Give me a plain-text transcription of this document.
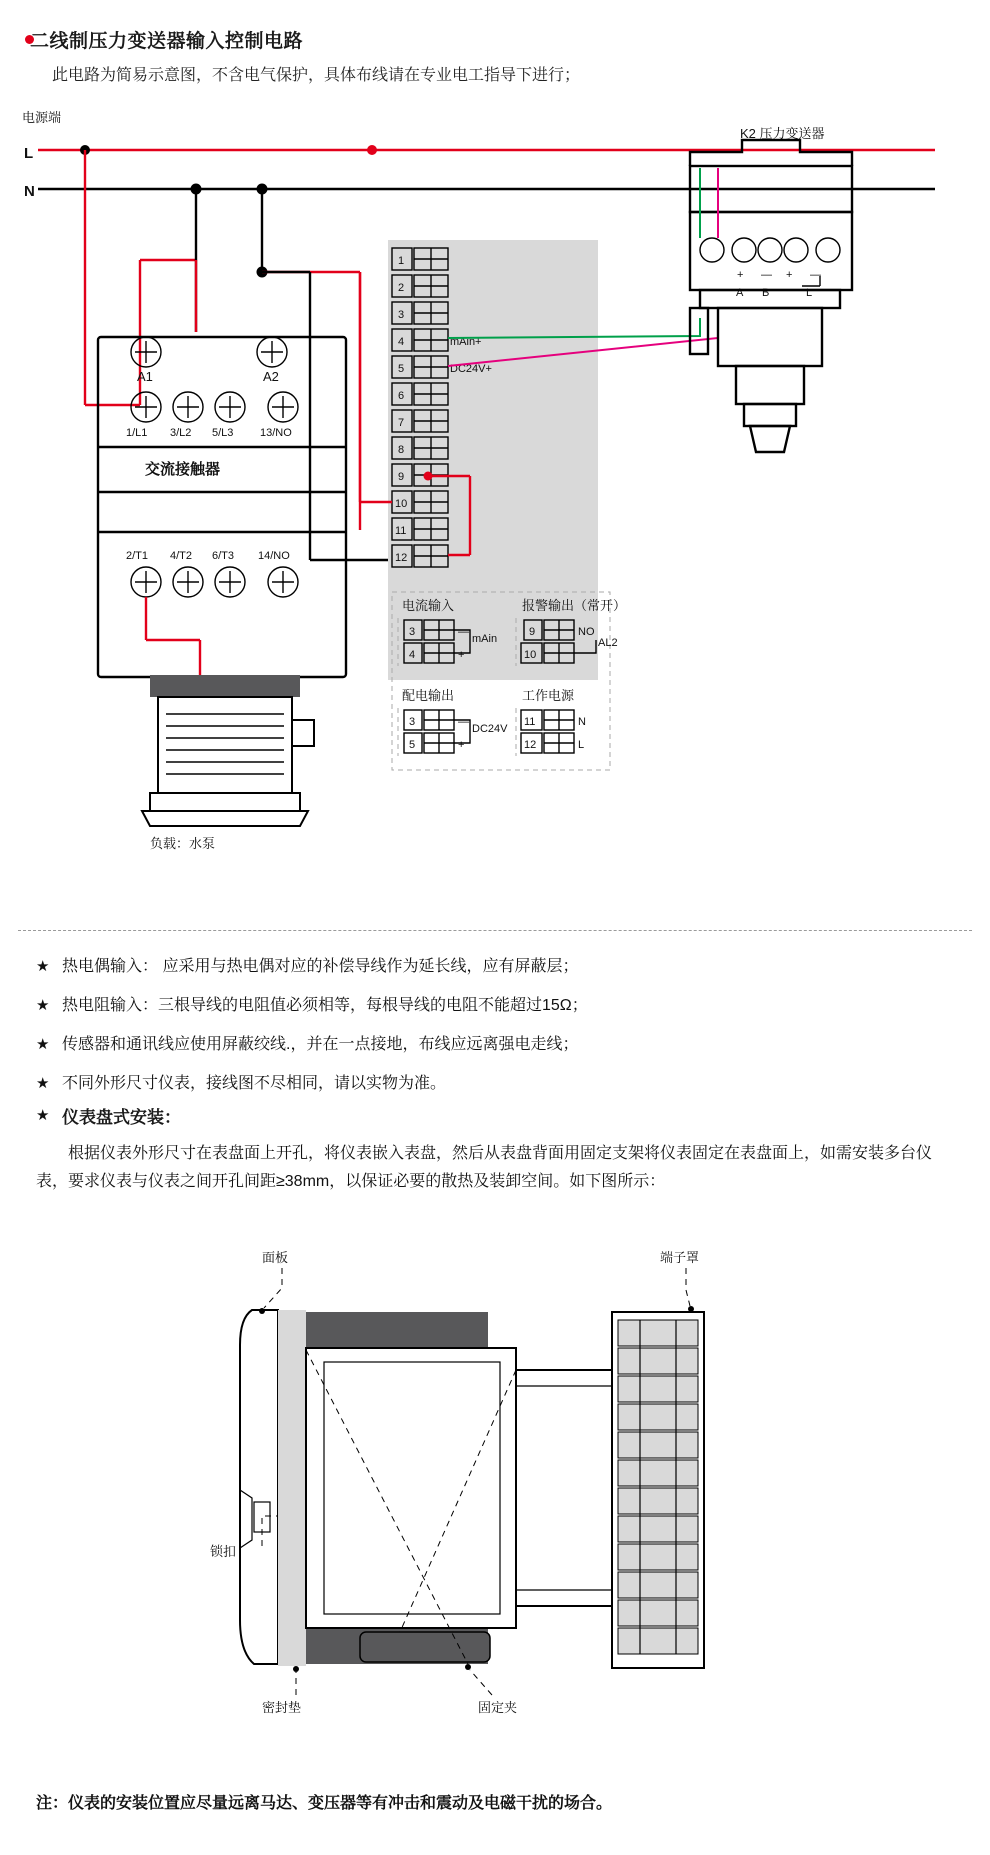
二线制压力变送器输入控制电路
此电路为简易示意图，不含电气保护，具体布线请在专业电工指导下进行；
电源端
L
N
A1	A2
1/L1 3/L2 5/L3 13/NO
交流接触器
2/T1 4/T2 6/T3 14/NO
负载：水泵
1
2
3
4
5
6
7
8
9
10
11
12
mAin+
DC24V+
K2 压力变送器
+ — + —
A B	L
电流输入
3	—
4	+
mAin
报警输出（常开）
9
10
NO
AL2
配电输出
3	—
5	+
DC24V
工作电源
11	N
12	L
★ 热电偶输入： 应采用与热电偶对应的补偿导线作为延长线，应有屏蔽层；
★ 热电阻输入：三根导线的电阻值必须相等，每根导线的电阻不能超过15Ω；
★ 传感器和通讯线应使用屏蔽绞线.，并在一点接地，布线应远离强电走线；
★ 不同外形尺寸仪表，接线图不尽相同，请以实物为准。
★ 仪表盘式安装：
根据仪表外形尺寸在表盘面上开孔，将仪表嵌入表盘，然后从表盘背面用固定支架将仪表固定在表盘面上，如需安装多台仪表，要求仪表与仪表之间开孔间距≥38mm，以保证必要的散热及装卸空间。如下图所示：
面板	端子罩
锁扣
密封垫	固定夹
注：仪表的安装位置应尽量远离马达、变压器等有冲击和震动及电磁干扰的场合。
